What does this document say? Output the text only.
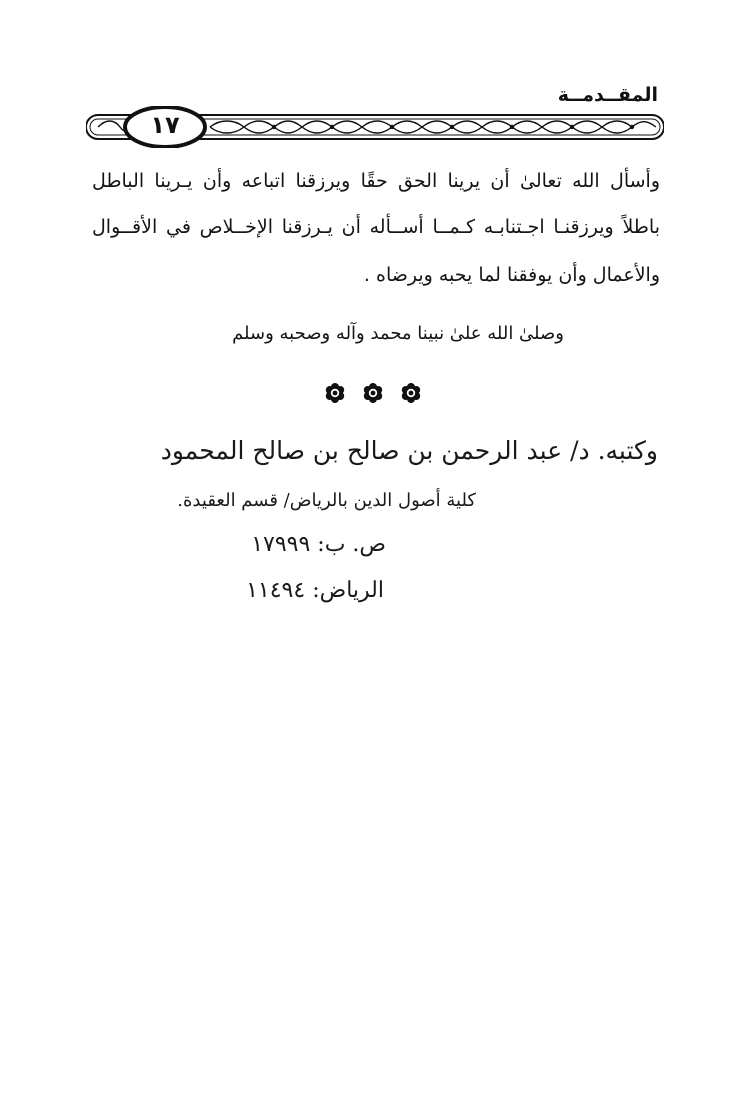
المقــدمــة
١٧
وأسأل الله تعالىٰ أن يرينا الحق حقًا ويرزقنا اتباعه وأن يـرينا الباطل
باطلاً ويرزقنـا اجـتنابـه كـمــا أســأله أن يـرزقنا الإخــلاص في الأقــوال
والأعمال وأن يوفقنا لما يحبه ويرضاه .
وصلىٰ الله علىٰ نبينا محمد وآله وصحبه وسلم
وكتبه. د/ عبد الرحمن بن صالح بن صالح المحمود
كلية أصول الدين بالرياض/ قسم العقيدة.
ص. ب: ١٧٩٩٩
الرياض: ١١٤٩٤
